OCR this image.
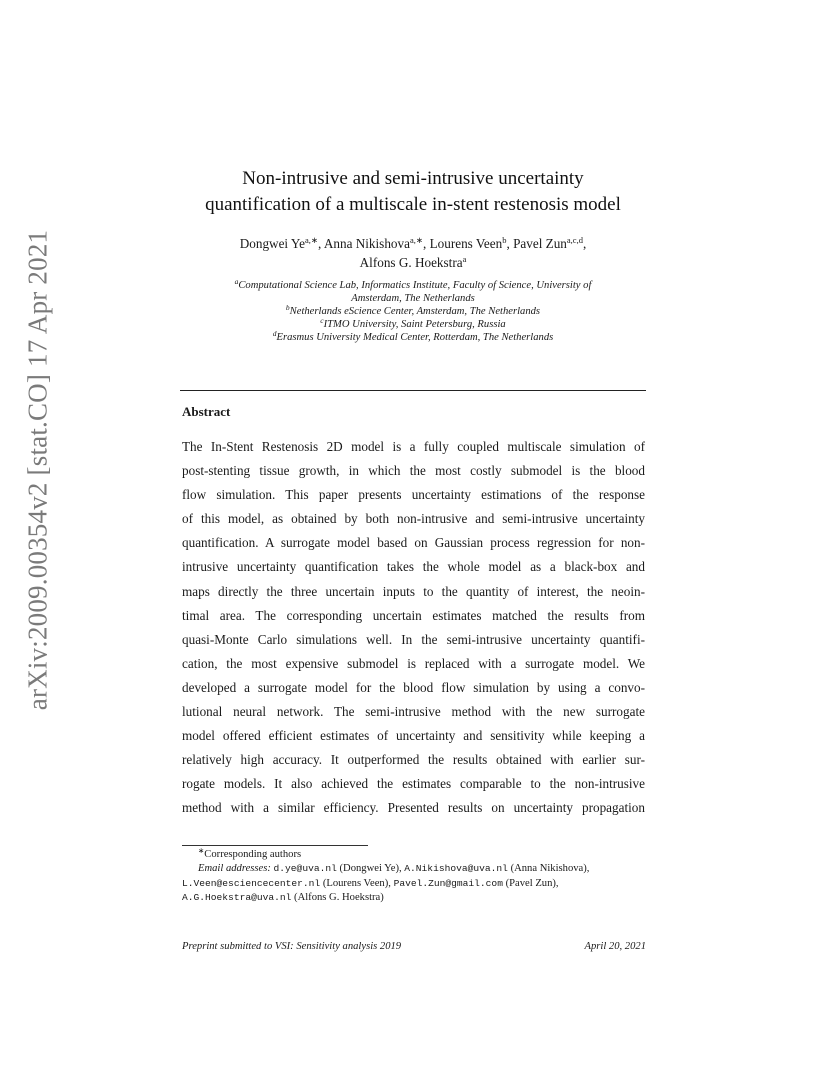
arXiv:2009.00354v2 [stat.CO] 17 Apr 2021
Non-intrusive and semi-intrusive uncertainty
quantification of a multiscale in-stent restenosis model
Dongwei $Ye^{a,∗}$, Anna Nikishova$^{a,∗}$, Lourens Veen$^b$, Pavel Zun$^{a,c,d}$,
Alfons G. Hoekstra$^a$
$^a$Computational Science Lab, Informatics Institute, Faculty of Science, University of
Amsterdam, The Netherlands
$^b$Netherlands eScience Center, Amsterdam, The Netherlands
$^c$ITMO University, Saint Petersburg, Russia
$^d$Erasmus University Medical Center, Rotterdam, The Netherlands
Abstract
The In-Stent Restenosis 2D model is a fully coupled multiscale simulation of
post-stenting tissue growth, in which the most costly submodel is the blood
flow simulation. This paper presents uncertainty estimations of the response
of this model, as obtained by both non-intrusive and semi-intrusive uncertainty
quantification. A surrogate model based on Gaussian process regression for non-
intrusive uncertainty quantification takes the whole model as a black-box and
maps directly the three uncertain inputs to the quantity of interest, the neoin-
timal area. The corresponding uncertain estimates matched the results from
quasi-Monte Carlo simulations well. In the semi-intrusive uncertainty quantifi-
cation, the most expensive submodel is replaced with a surrogate model. We
developed a surrogate model for the blood flow simulation by using a convo-
lutional neural network. The semi-intrusive method with the new surrogate
model offered efficient estimates of uncertainty and sensitivity while keeping a
relatively high accuracy. It outperformed the results obtained with earlier sur-
rogate models. It also achieved the estimates comparable to the non-intrusive
method with a similar efficiency. Presented results on uncertainty propagation
∗Corresponding authors
Email addresses: d.ye@uva.nl (Dongwei Ye), A.Nikishova@uva.nl (Anna Nikishova),
L.Veen@esciencecenter.nl (Lourens Veen), Pavel.Zun@gmail.com (Pavel Zun),
A.G.Hoekstra@uva.nl (Alfons G. Hoekstra)
Preprint submitted to VSI: Sensitivity analysis 2019	April 20, 2021
